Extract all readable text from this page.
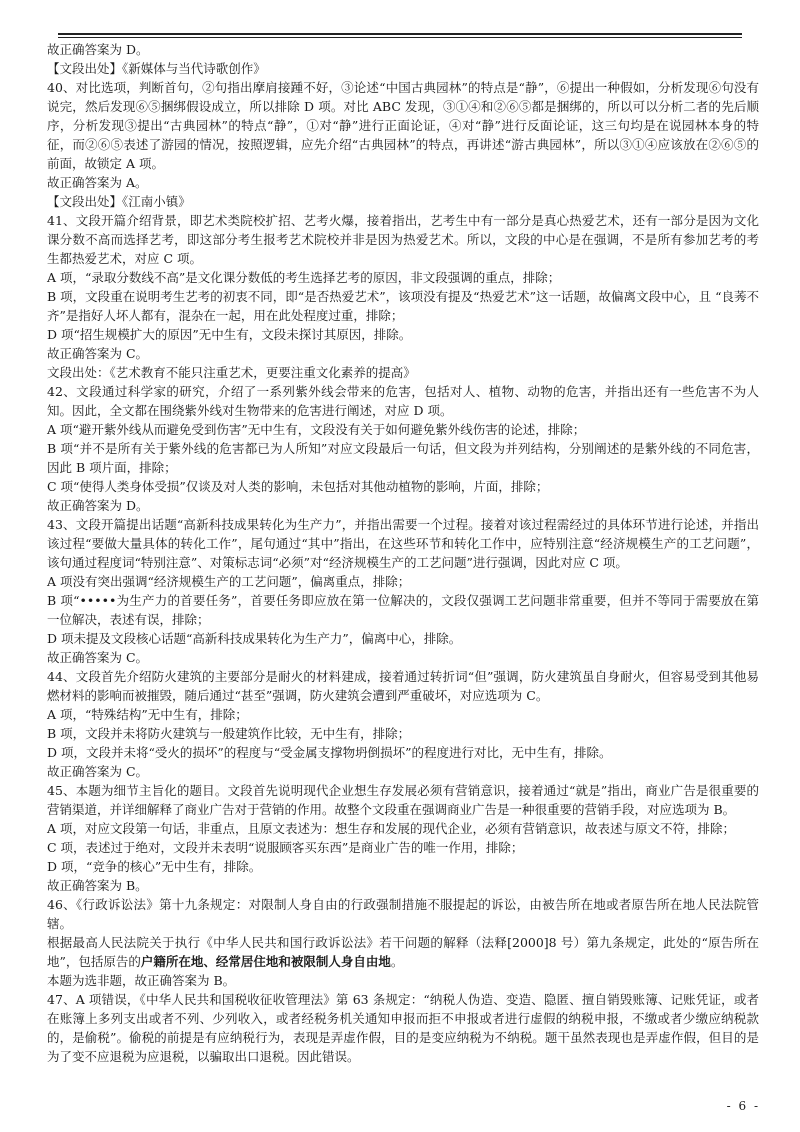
故正确答案为 D。
【文段出处】《新媒体与当代诗歌创作》
40、对比选项，判断首句，②句指出摩肩接踵不好，③论述“中国古典园林”的特点是“静”，⑥提出一种假如，分析发现⑥句没有说完，然后发现⑥⑤捆绑假设成立，所以排除 D 项。对比 ABC 发现，③①④和②⑥⑤都是捆绑的，所以可以分析二者的先后顺序，分析发现③提出“古典园林”的特点“静”，①对“静”进行正面论证，④对“静”进行反面论证，这三句均是在说园林本身的特征，而②⑥⑤表述了游园的情况，按照逻辑，应先介绍“古典园林”的特点，再讲述“游古典园林”，所以③①④应该放在②⑥⑤的前面，故锁定 A 项。
故正确答案为 A。
【文段出处】《江南小镇》
41、文段开篇介绍背景，即艺术类院校扩招、艺考火爆，接着指出，艺考生中有一部分是真心热爱艺术，还有一部分是因为文化课分数不高而选择艺考，即这部分考生报考艺术院校并非是因为热爱艺术。所以，文段的中心是在强调，不是所有参加艺考的考生都热爱艺术，对应 C 项。
A 项，“录取分数线不高”是文化课分数低的考生选择艺考的原因，非文段强调的重点，排除；
B 项，文段重在说明考生艺考的初衷不同，即“是否热爱艺术”，该项没有提及“热爱艺术”这一话题，故偏离文段中心，且 “良莠不齐”是指好人坏人都有，混杂在一起，用在此处程度过重，排除；
D 项“招生规模扩大的原因”无中生有，文段未探讨其原因，排除。
故正确答案为 C。
文段出处：《艺术教育不能只注重艺术，更要注重文化素养的提高》
42、文段通过科学家的研究，介绍了一系列紫外线会带来的危害，包括对人、植物、动物的危害，并指出还有一些危害不为人知。因此，全文都在围绕紫外线对生物带来的危害进行阐述，对应 D 项。
A 项“避开紫外线从而避免受到伤害”无中生有，文段没有关于如何避免紫外线伤害的论述，排除；
B 项“并不是所有关于紫外线的危害都已为人所知”对应文段最后一句话，但文段为并列结构，分别阐述的是紫外线的不同危害，因此 B 项片面，排除；
C 项“使得人类身体受损”仅谈及对人类的影响，未包括对其他动植物的影响，片面，排除；
故正确答案为 D。
43、文段开篇提出话题“高新科技成果转化为生产力”，并指出需要一个过程。接着对该过程需经过的具体环节进行论述，并指出该过程“要做大量具体的转化工作”，尾句通过“其中”指出，在这些环节和转化工作中，应特别注意“经济规模生产的工艺问题”，该句通过程度词“特别注意”、对策标志词“必须”对“经济规模生产的工艺问题”进行强调，因此对应 C 项。
A 项没有突出强调“经济规模生产的工艺问题”，偏离重点，排除；
B 项“•••••为生产力的首要任务”，首要任务即应放在第一位解决的，文段仅强调工艺问题非常重要，但并不等同于需要放在第一位解决，表述有误，排除；
D 项未提及文段核心话题“高新科技成果转化为生产力”，偏离中心，排除。
故正确答案为 C。
44、文段首先介绍防火建筑的主要部分是耐火的材料建成，接着通过转折词“但”强调，防火建筑虽自身耐火，但容易受到其他易燃材料的影响而被摧毁，随后通过“甚至”强调，防火建筑会遭到严重破坏，对应选项为 C。
A 项，“特殊结构”无中生有，排除；
B 项，文段并未将防火建筑与一般建筑作比较，无中生有，排除；
D 项，文段并未将“受火的损坏”的程度与“受金属支撑物坍倒损坏”的程度进行对比，无中生有，排除。
故正确答案为 C。
45、本题为细节主旨化的题目。文段首先说明现代企业想生存发展必须有营销意识，接着通过“就是”指出，商业广告是很重要的营销渠道，并详细解释了商业广告对于营销的作用。故整个文段重在强调商业广告是一种很重要的营销手段，对应选项为 B。
A 项，对应文段第一句话，非重点，且原文表述为：想生存和发展的现代企业，必须有营销意识，故表述与原文不符，排除；
C 项，表述过于绝对，文段并未表明“说服顾客买东西”是商业广告的唯一作用，排除；
D 项，“竞争的核心”无中生有，排除。
故正确答案为 B。
46、《行政诉讼法》第十九条规定：对限制人身自由的行政强制措施不服提起的诉讼，由被告所在地或者原告所在地人民法院管辖。
根据最高人民法院关于执行《中华人民共和国行政诉讼法》若干问题的解释（法释[2000]8 号）第九条规定，此处的“原告所在地”，包括原告的户籍所在地、经常居住地和被限制人身自由地。
本题为选非题，故正确答案为 B。
47、A 项错误，《中华人民共和国税收征收管理法》第 63 条规定：“纳税人伪造、变造、隐匿、擅自销毁账簿、记账凭证，或者在账簿上多列支出或者不列、少列收入，或者经税务机关通知申报而拒不申报或者进行虚假的纳税申报，不缴或者少缴应纳税款的，是偷税”。偷税的前提是有应纳税行为，表现是弄虚作假，目的是变应纳税为不纳税。题干虽然表现也是弄虚作假，但目的是为了变不应退税为应退税，以骗取出口退税。因此错误。
- 6 -
